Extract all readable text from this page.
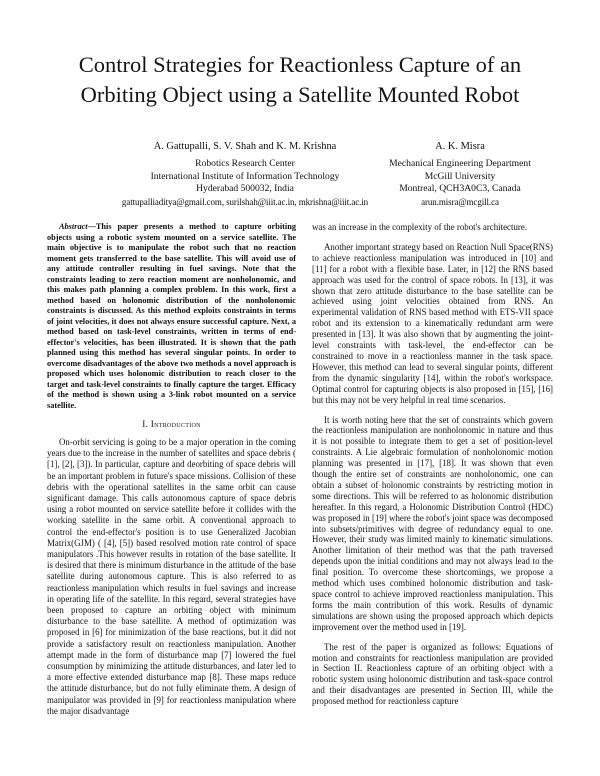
Control Strategies for Reactionless Capture of an Orbiting Object using a Satellite Mounted Robot
A. Gattupalli, S. V. Shah and K. M. Krishna
Robotics Research Center
International Institute of Information Technology
Hyderabad 500032, India
gattupalliaditya@gmail.com, surilshah@iiit.ac.in, mkrishna@iiit.ac.in
A. K. Misra
Mechanical Engineering Department
McGill University
Montreal, QCH3A0C3, Canada
arun.misra@mcgill.ca
Abstract—This paper presents a method to capture orbiting objects using a robotic system mounted on a service satellite. The main objective is to manipulate the robot such that no reaction moment gets transferred to the base satellite. This will avoid use of any attitude controller resulting in fuel savings. Note that the constraints leading to zero reaction moment are nonholonomic, and this makes path planning a complex problem. In this work, first a method based on holonomic distribution of the nonholonomic constraints is discussed. As this method exploits constraints in terms of joint velocities, it does not always ensure successful capture. Next, a method based on task-level constraints, written in terms of end-effector's velocities, has been illustrated. It is shown that the path planned using this method has several singular points. In order to overcome disadvantages of the above two methods a novel approach is proposed which uses holonomic distribution to reach closer to the target and task-level constraints to finally capture the target. Efficacy of the method is shown using a 3-link robot mounted on a service satellite.
I. Introduction

On-orbit servicing is going to be a major operation in the coming years due to the increase in the number of satellites and space debris ( [1], [2], [3]). In particular, capture and deorbiting of space debris will be an important problem in future's space missions. Collision of these debris with the operational satellites in the same orbit can cause significant damage. This calls autonomous capture of space debris using a robot mounted on service satellite before it collides with the working satellite in the same orbit. A conventional approach to control the end-effector's position is to use Generalized Jacobian Matrix(GJM) ( [4], [5]) based resolved motion rate control of space manipulators .This however results in rotation of the base satellite. It is desired that there is minimum disturbance in the attitude of the base satellite during autonomous capture. This is also referred to as reactionless manipulation which results in fuel savings and increase in operating life of the satellite. In this regard, several strategies have been proposed to capture an orbiting object with minimum disturbance to the base satellite. A method of optimization was proposed in [6] for minimization of the base reactions, but it did not provide a satisfactory result on reactionless manipulation. Another attempt made in the form of disturbance map [7] lowered the fuel consumption by minimizing the attitude disturbances, and later led to a more effective extended disturbance map [8]. These maps reduce the attitude disturbance, but do not fully eliminate them. A design of manipulator was provided in [9] for reactionless manipulation where the major disadvantage

was an increase in the complexity of the robot's architecture.

Another important strategy based on Reaction Null Space(RNS) to achieve reactionless manipulation was introduced in [10] and [11] for a robot with a flexible base. Later, in [12] the RNS based approach was used for the control of space robots. In [13], it was shown that zero attitude disturbance to the base satellite can be achieved using joint velocities obtained from RNS. An experimental validation of RNS based method with ETS-VII space robot and its extension to a kinematically redundant arm were presented in [13]. It was also shown that by augmenting the joint-level constraints with task-level, the end-effector can be constrained to move in a reactionless manner in the task space. However, this method can lead to several singular points, different from the dynamic singularity [14], within the robot's workspace. Optimal control for capturing objects is also proposed in [15], [16] but this may not be very helpful in real time scenarios.

It is worth noting here that the set of constraints which govern the reactionless manipulation are nonholonomic in nature and thus it is not possible to integrate them to get a set of position-level constraints. A Lie algebraic formulation of nonholonomic motion planning was presented in [17], [18]. It was shown that even though the entire set of constraints are nonholonomic, one can obtain a subset of holonomic constraints by restricting motion in some directions. This will be referred to as holonomic distribution hereafter. In this regard, a Holonomic Distribution Control (HDC) was proposed in [19] where the robot's joint space was decomposed into subsets/primitives with degree of redundancy equal to one. However, their study was limited mainly to kinematic simulations. Another limitation of their method was that the path traversed depends upon the initial conditions and may not always lead to the final position. To overcome these shortcomings, we propose a method which uses combined holonomic distribution and task-space control to achieve improved reactionless manipulation. This forms the main contribution of this work. Results of dynamic simulations are shown using the proposed approach which depicts improvement over the method used in [19].

The rest of the paper is organized as follows: Equations of motion and constraints for reactionless manipulation are provided in Section II. Reactionless capture of an orbiting object with a robotic system using holonomic distribution and task-space control and their disadvantages are presented in Section III, while the proposed method for reactionless capture
